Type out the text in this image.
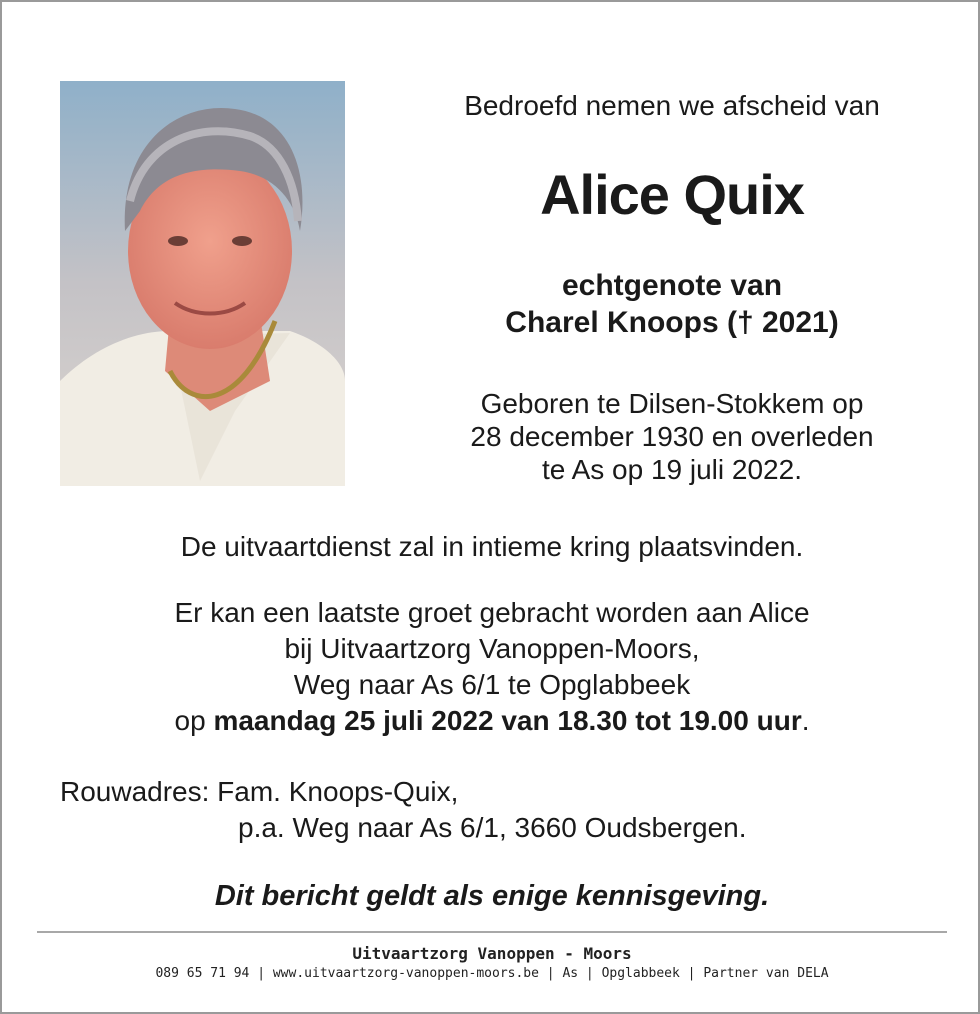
Bedroefd nemen we afscheid van
Alice Quix
echtgenote van
Charel Knoops († 2021)
Geboren te Dilsen-Stokkem op
28 december 1930 en overleden
te As op 19 juli 2022.
De uitvaartdienst zal in intieme kring plaatsvinden.
Er kan een laatste groet gebracht worden aan Alice
bij Uitvaartzorg Vanoppen-Moors,
Weg naar As 6/1 te Opglabbeek
op maandag 25 juli 2022 van 18.30 tot 19.00 uur.
Rouwadres: Fam. Knoops-Quix,
p.a. Weg naar As 6/1, 3660 Oudsbergen.
Dit bericht geldt als enige kennisgeving.
Uitvaartzorg Vanoppen - Moors
089 65 71 94 | www.uitvaartzorg-vanoppen-moors.be | As | Opglabbeek | Partner van DELA
